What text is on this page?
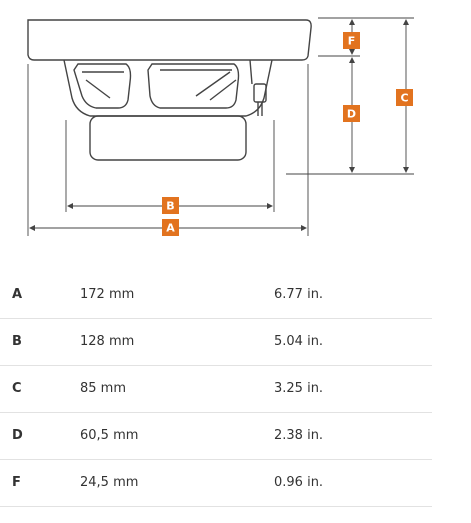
F
C
D
B
A
A	172 mm	6.77 in.
B	128 mm	5.04 in.
C	85 mm	3.25 in.
D	60,5 mm	2.38 in.
F	24,5 mm	0.96 in.
